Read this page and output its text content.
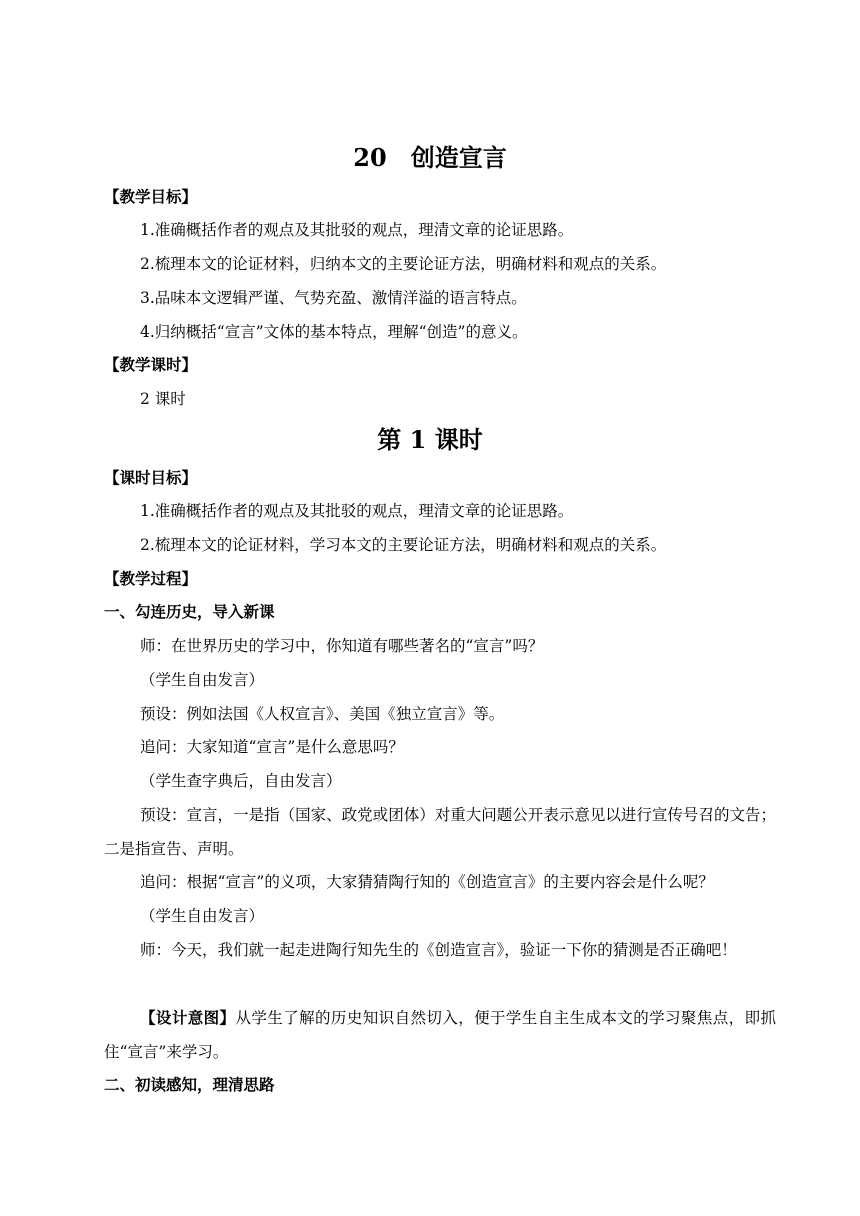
20　创造宣言
【教学目标】
1.准确概括作者的观点及其批驳的观点，理清文章的论证思路。
2.梳理本文的论证材料，归纳本文的主要论证方法，明确材料和观点的关系。
3.品味本文逻辑严谨、气势充盈、激情洋溢的语言特点。
4.归纳概括“宣言”文体的基本特点，理解“创造”的意义。
【教学课时】
2 课时
第 1 课时
【课时目标】
1.准确概括作者的观点及其批驳的观点，理清文章的论证思路。
2.梳理本文的论证材料，学习本文的主要论证方法，明确材料和观点的关系。
【教学过程】
一、勾连历史，导入新课
师：在世界历史的学习中，你知道有哪些著名的“宣言”吗？
（学生自由发言）
预设：例如法国《人权宣言》、美国《独立宣言》等。
追问：大家知道“宣言”是什么意思吗？
（学生查字典后，自由发言）
预设：宣言，一是指（国家、政党或团体）对重大问题公开表示意见以进行宣传号召的文告；二是指宣告、声明。
追问：根据“宣言”的义项，大家猜猜陶行知的《创造宣言》的主要内容会是什么呢？
（学生自由发言）
师：今天，我们就一起走进陶行知先生的《创造宣言》，验证一下你的猜测是否正确吧！
【设计意图】从学生了解的历史知识自然切入，便于学生自主生成本文的学习聚焦点，即抓住“宣言”来学习。
二、初读感知，理清思路
